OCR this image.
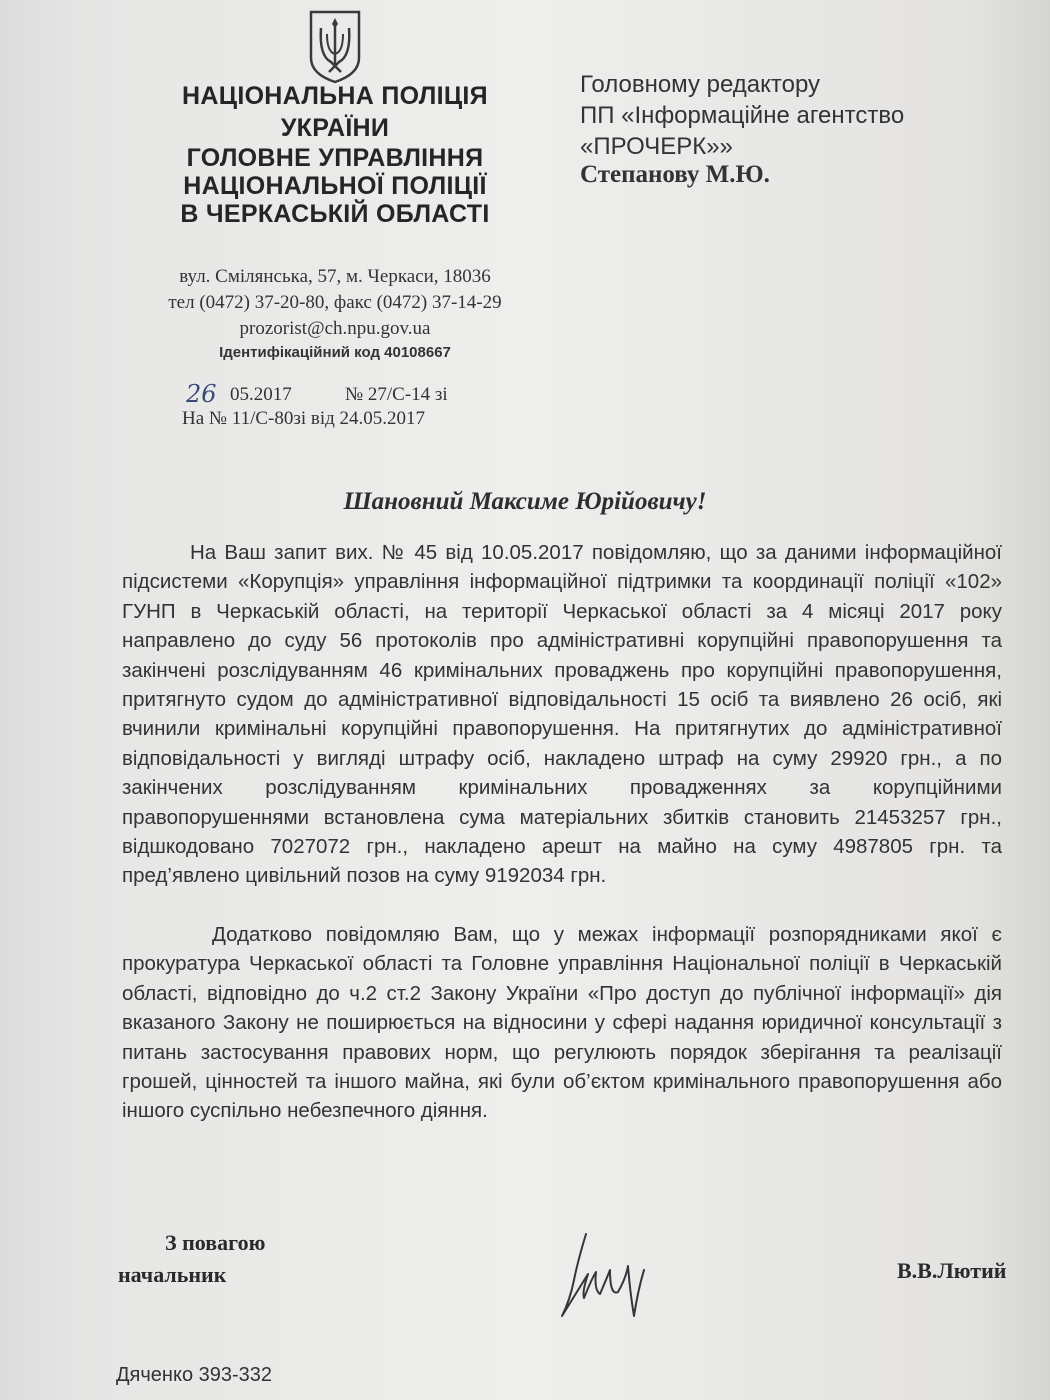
НАЦІОНАЛЬНА ПОЛІЦІЯ
УКРАЇНИ
ГОЛОВНЕ УПРАВЛІННЯ
НАЦІОНАЛЬНОЇ ПОЛІЦІЇ
В ЧЕРКАСЬКІЙ ОБЛАСТІ
Головному редактору
ПП «Інформаційне агентство
«ПРОЧЕРК»»
Степанову М.Ю.
вул. Смілянська, 57, м. Черкаси, 18036
тел (0472) 37-20-80, факс (0472) 37-14-29
prozorist@ch.npu.gov.ua
Ідентифікаційний код 40108667
26 05.2017	№ 27/С-14 зі
На № 11/С-80зі від 24.05.2017
Шановний Максиме Юрійовичу!
На Ваш запит вих. № 45 від 10.05.2017 повідомляю, що за даними інформаційної підсистеми «Корупція» управління інформаційної підтримки та координації поліції «102» ГУНП в Черкаській області, на території Черкаської області за 4 місяці 2017 року направлено до суду 56 протоколів про адміністративні корупційні правопорушення та закінчені розслідуванням 46 кримінальних проваджень про корупційні правопорушення, притягнуто судом до адміністративної відповідальності 15 осіб та виявлено 26 осіб, які вчинили кримінальні корупційні правопорушення. На притягнутих до адміністративної відповідальності у вигляді штрафу осіб, накладено штраф на суму 29920 грн., а по закінчених розслідуванням кримінальних провадженнях за корупційними правопорушеннями встановлена сума матеріальних збитків становить 21453257 грн., відшкодовано 7027072 грн., накладено арешт на майно на суму 4987805 грн. та пред’явлено цивільний позов на суму 9192034 грн.
Додатково повідомляю Вам, що у межах інформації розпорядниками якої є прокуратура Черкаської області та Головне управління Національної поліції в Черкаській області, відповідно до ч.2 ст.2 Закону України «Про доступ до публічної інформації» дія вказаного Закону не поширюється на відносини у сфері надання юридичної консультації з питань застосування правових норм, що регулюють порядок зберігання та реалізації грошей, цінностей та іншого майна, які були об’єктом кримінального правопорушення або іншого суспільно небезпечного діяння.
З повагою
начальник	В.В.Лютий
Дяченко 393-332
